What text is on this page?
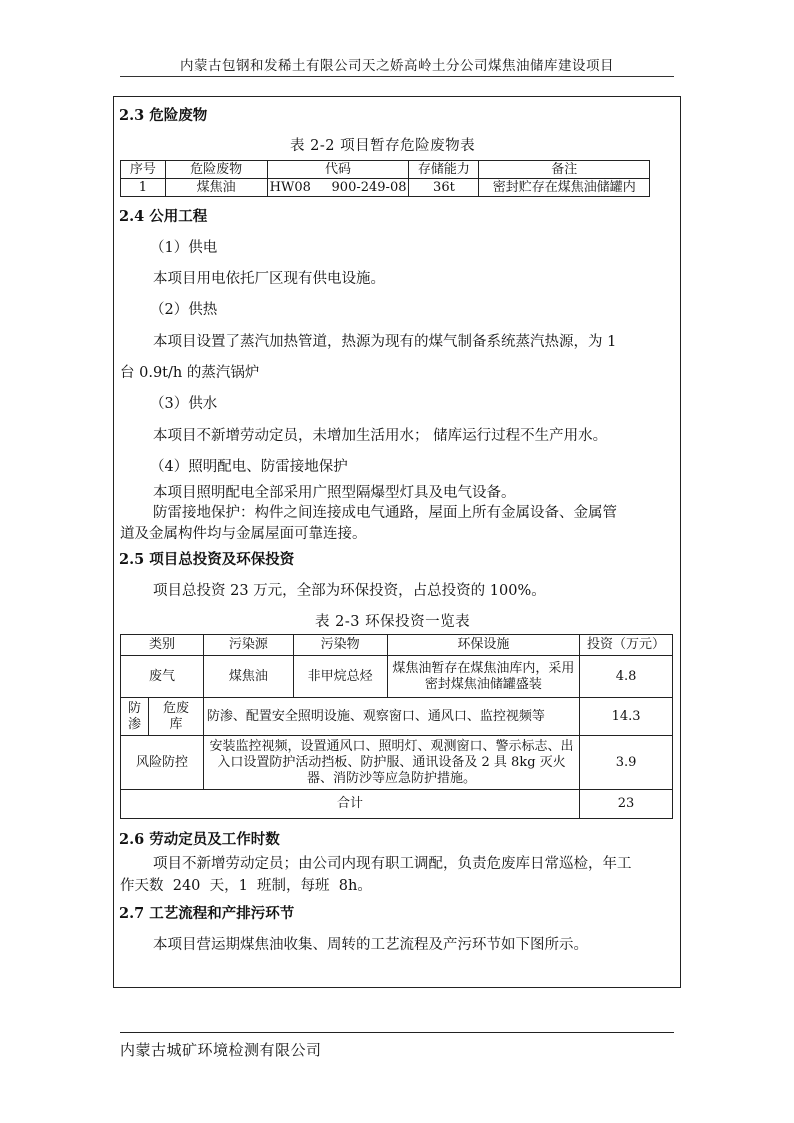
内蒙古包钢和发稀土有限公司天之娇高岭土分公司煤焦油储库建设项目
2.3 危险废物
表 2-2 项目暂存危险废物表
序号	危险废物	代码	存储能力	备注
1	煤焦油	HW08     900-249-08	36t	密封贮存在煤焦油储罐内
2.4 公用工程
（1）供电
本项目用电依托厂区现有供电设施。
（2）供热
本项目设置了蒸汽加热管道，热源为现有的煤气制备系统蒸汽热源，为 1
台 0.9t/h 的蒸汽锅炉
（3）供水
本项目不新增劳动定员，未增加生活用水； 储库运行过程不生产用水。
（4）照明配电、防雷接地保护
本项目照明配电全部采用广照型隔爆型灯具及电气设备。
防雷接地保护：构件之间连接成电气通路，屋面上所有金属设备、金属管
道及金属构件均与金属屋面可靠连接。
2.5 项目总投资及环保投资
项目总投资 23 万元，全部为环保投资，占总投资的 100%。
表 2-3 环保投资一览表
类别		污染源	污染物	环保设施	投资（万元）
废气		煤焦油	非甲烷总烃	煤焦油暂存在煤焦油库内，采用密封煤焦油储罐盛装	4.8
防渗	危废库	防渗、配置安全照明设施、观察窗口、通风口、监控视频等			14.3
风险防控		安装监控视频，设置通风口、照明灯、观测窗口、警示标志、出入口设置防护活动挡板、防护服、通讯设备及 2 具 8kg 灭火器、消防沙等应急防护措施。			3.9
合计					23
2.6 劳动定员及工作时数
项目不新增劳动定员；由公司内现有职工调配，负责危废库日常巡检，年工
作天数  240  天，1  班制，每班  8h。
2.7 工艺流程和产排污环节
本项目营运期煤焦油收集、周转的工艺流程及产污环节如下图所示。
内蒙古城矿环境检测有限公司
